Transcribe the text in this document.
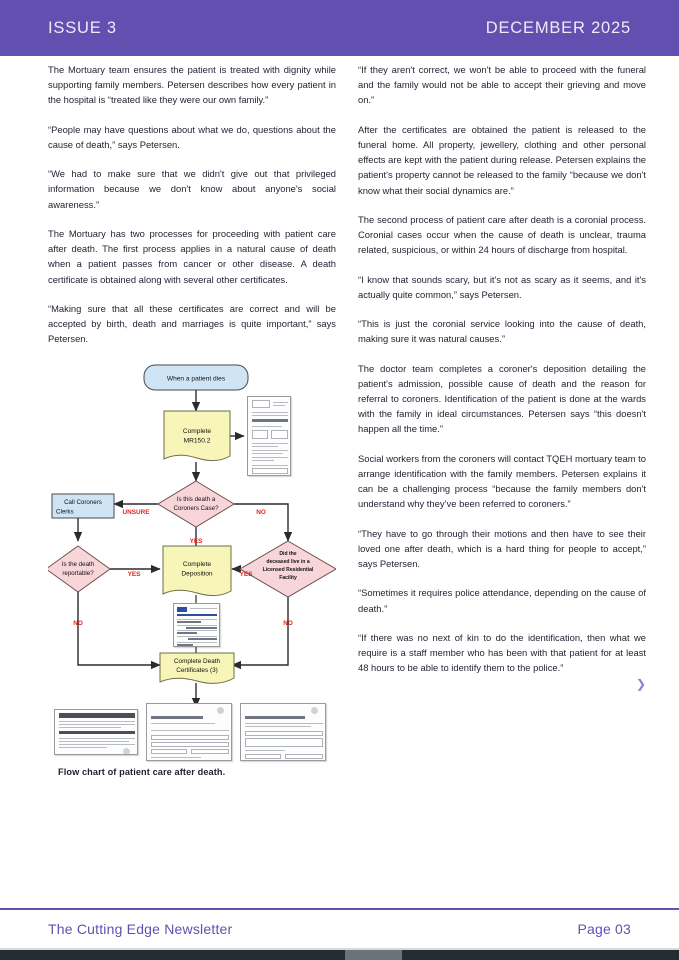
ISSUE 3	DECEMBER 2025

The Mortuary team ensures the patient is treated with dignity while supporting family members. Petersen describes how every patient in the hospital is “treated like they were our own family.”

“People may have questions about what we do, questions about the cause of death,” says Petersen.

“We had to make sure that we didn't give out that privileged information because we don't know about anyone's social awareness.”

The Mortuary has two processes for proceeding with patient care after death. The first process applies in a natural cause of death when a patient passes from cancer or other disease. A death certificate is obtained along with several other certificates.

“Making sure that all these certificates are correct and will be accepted by birth, death and marriages is quite important,” says Petersen.

When a patient dies
Complete
MR150.2
Is this death a
Coroners Case?
Call Coroners
Clerks
Is the death
reportable?
Did the
deceased live in a
Licensed Residential
Facility
Complete
Deposition
Complete Death
Certificates (3)
UNSURE	NO
YES
YES	YES
NO	NO
Flow chart of patient care after death.

“If they aren't correct, we won't be able to proceed with the funeral and the family would not be able to accept their grieving and move on.”

After the certificates are obtained the patient is released to the funeral home. All property, jewellery, clothing and other personal effects are kept with the patient during release. Petersen explains the patient's property cannot be released to the family “because we don't know what their social dynamics are.”

The second process of patient care after death is a coronial process. Coronial cases occur when the cause of death is unclear, trauma related, suspicious, or within 24 hours of discharge from hospital.

“I know that sounds scary, but it's not as scary as it seems, and it's actually quite common,” says Petersen.

“This is just the coronial service looking into the cause of death, making sure it was natural causes.”

The doctor team completes a coroner's deposition detailing the patient's admission, possible cause of death and the reason for referral to coroners. Identification of the patient is done at the wards with the family in ideal circumstances. Petersen says “this doesn't happen all the time.”

Social workers from the coroners will contact TQEH mortuary team to arrange identification with the family members. Petersen explains it can be a challenging process “because the family members don't understand why they’ve been referred to coroners.”

“They have to go through their motions and then have to see their loved one after death, which is a hard thing for people to accept,” says Petersen.

“Sometimes it requires police attendance, depending on the cause of death.”

“If there was no next of kin to do the identification, then what we require is a staff member who has been with that patient for at least 48 hours to be able to identify them to the police.”

❯
The Cutting Edge Newsletter	Page 03
